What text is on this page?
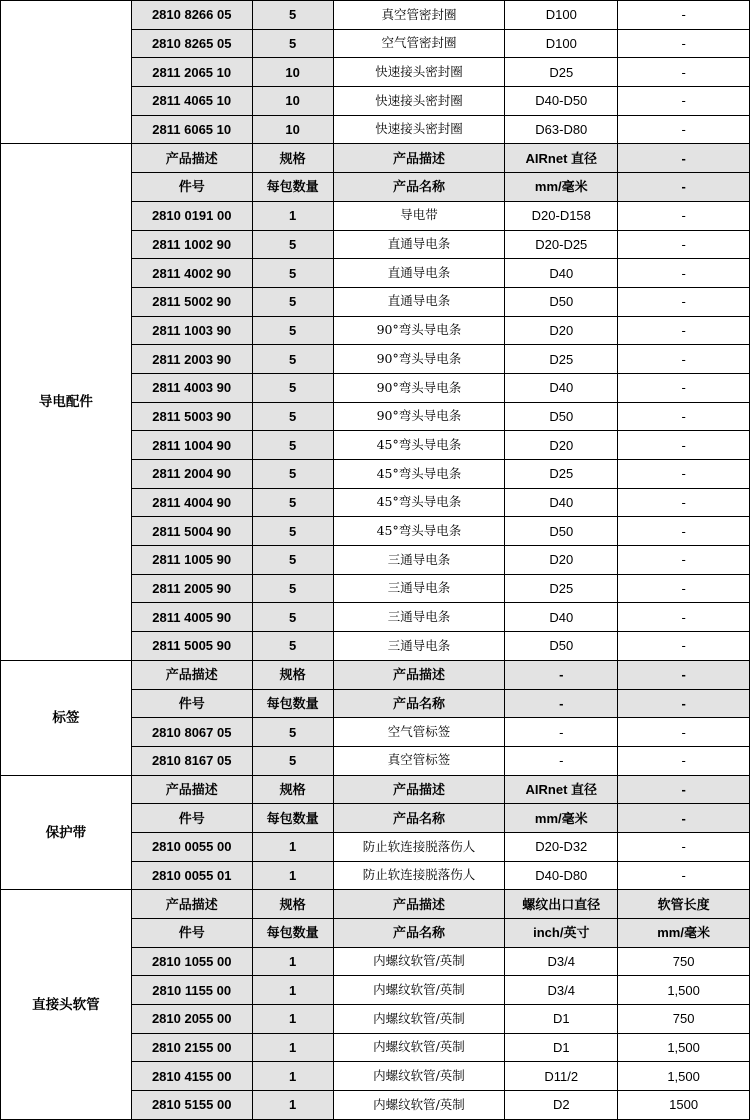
	2810 8266 05	5	真空管密封圈	D100	-
	2810 8265 05	5	空气管密封圈	D100	-
	2811 2065 10	10	快速接头密封圈	D25	-
	2811 4065 10	10	快速接头密封圈	D40-D50	-
	2811 6065 10	10	快速接头密封圈	D63-D80	-
导电配件	产品描述	规格	产品描述	AIRnet 直径	-
	件号	每包数量	产品名称	mm/毫米	-
	2810 0191 00	1	导电带	D20-D158	-
	2811 1002 90	5	直通导电条	D20-D25	-
	2811 4002 90	5	直通导电条	D40	-
	2811 5002 90	5	直通导电条	D50	-
	2811 1003 90	5	90°弯头导电条	D20	-
	2811 2003 90	5	90°弯头导电条	D25	-
	2811 4003 90	5	90°弯头导电条	D40	-
	2811 5003 90	5	90°弯头导电条	D50	-
	2811 1004 90	5	45°弯头导电条	D20	-
	2811 2004 90	5	45°弯头导电条	D25	-
	2811 4004 90	5	45°弯头导电条	D40	-
	2811 5004 90	5	45°弯头导电条	D50	-
	2811 1005 90	5	三通导电条	D20	-
	2811 2005 90	5	三通导电条	D25	-
	2811 4005 90	5	三通导电条	D40	-
	2811 5005 90	5	三通导电条	D50	-
标签	产品描述	规格	产品描述	-	-
	件号	每包数量	产品名称	-	-
	2810 8067 05	5	空气管标签	-	-
	2810 8167 05	5	真空管标签	-	-
保护带	产品描述	规格	产品描述	AIRnet 直径	-
	件号	每包数量	产品名称	mm/毫米	-
	2810 0055 00	1	防止软连接脱落伤人	D20-D32	-
	2810 0055 01	1	防止软连接脱落伤人	D40-D80	-
直接头软管	产品描述	规格	产品描述	螺纹出口直径	软管长度
	件号	每包数量	产品名称	inch/英寸	mm/毫米
	2810 1055 00	1	内螺纹软管/英制	D3/4	750
	2810 1155 00	1	内螺纹软管/英制	D3/4	1,500
	2810 2055 00	1	内螺纹软管/英制	D1	750
	2810 2155 00	1	内螺纹软管/英制	D1	1,500
	2810 4155 00	1	内螺纹软管/英制	D11/2	1,500
	2810 5155 00	1	内螺纹软管/英制	D2	1500
